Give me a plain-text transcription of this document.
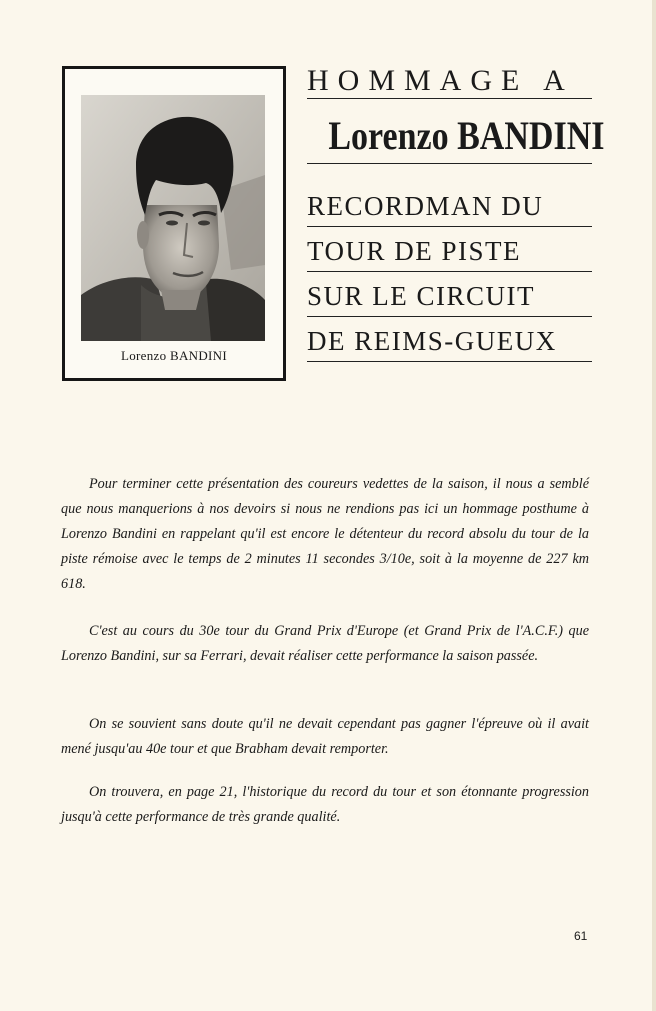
Lorenzo BANDINI
HOMMAGE A
Lorenzo BANDINI
RECORDMAN DU
TOUR DE PISTE
SUR LE CIRCUIT
DE REIMS-GUEUX

Pour terminer cette présentation des coureurs vedettes de la saison, il nous a semblé que nous manquerions à nos devoirs si nous ne rendions pas ici un hommage posthume à Lorenzo Bandini en rappelant qu'il est encore le détenteur du record absolu du tour de la piste rémoise avec le temps de 2 minutes 11 secondes 3/10e, soit à la moyenne de 227 km 618.

C'est au cours du 30e tour du Grand Prix d'Europe (et Grand Prix de l'A.C.F.) que Lorenzo Bandini, sur sa Ferrari, devait réaliser cette performance la saison passée.

On se souvient sans doute qu'il ne devait cependant pas gagner l'épreuve où il avait mené jusqu'au 40e tour et que Brabham devait remporter.

On trouvera, en page 21, l'historique du record du tour et son étonnante progression jusqu'à cette performance de très grande qualité.

61
